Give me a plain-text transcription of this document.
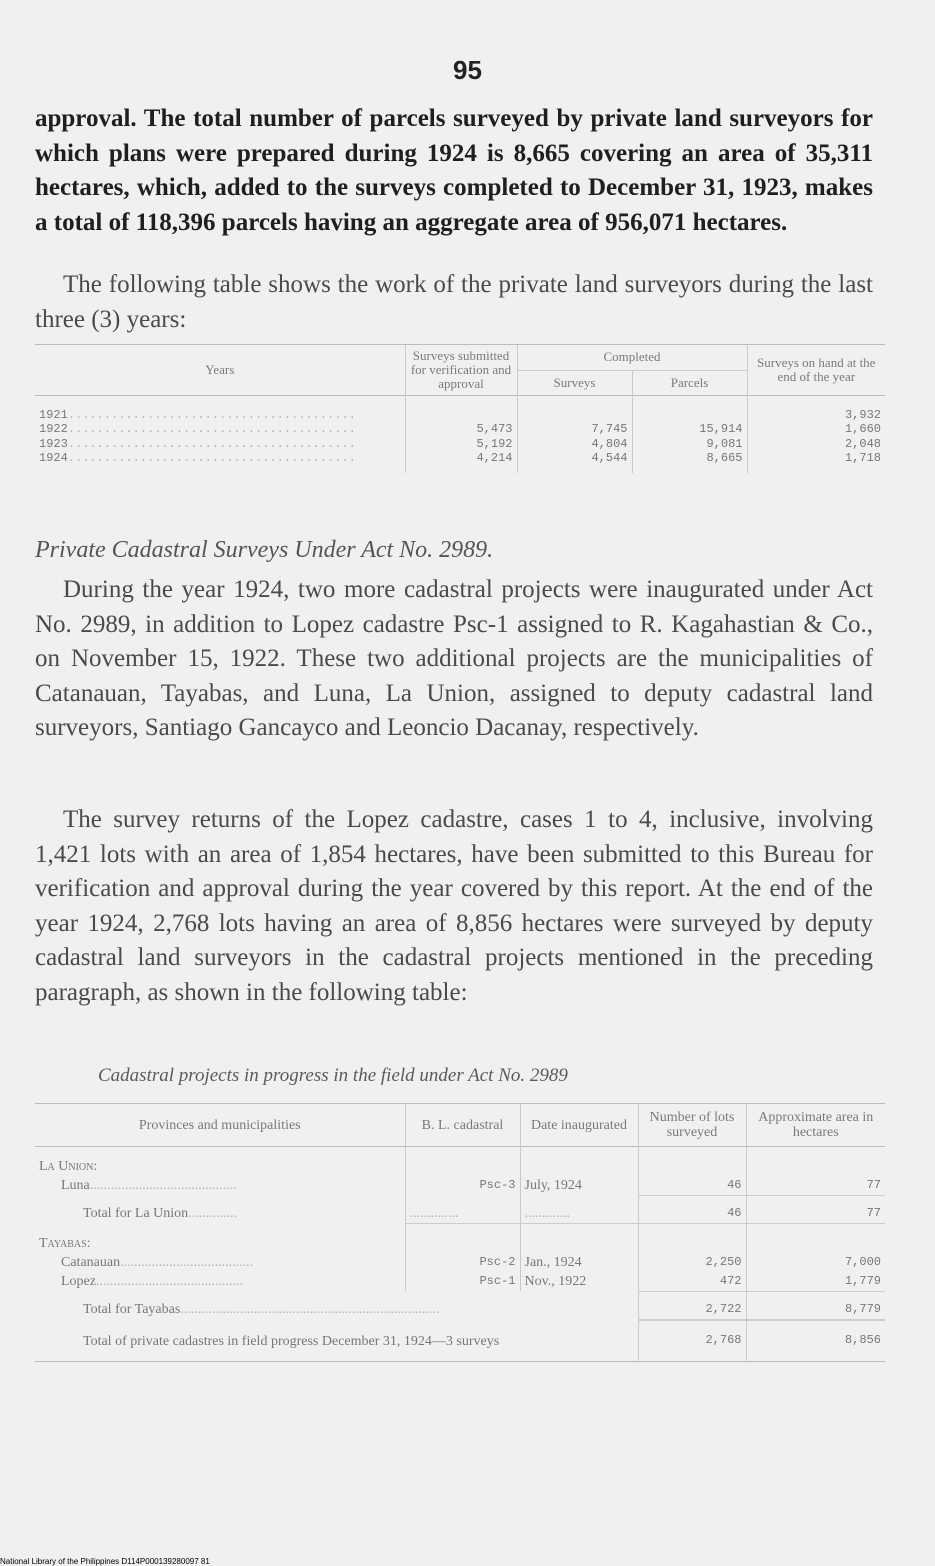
95

approval. The total number of parcels surveyed by private land surveyors for which plans were prepared during 1924 is 8,665 covering an area of 35,311 hectares, which, added to the surveys completed to December 31, 1923, makes a total of 118,396 parcels having an aggregate area of 956,071 hectares.

The following table shows the work of the private land surveyors during the last three (3) years:

Years	Surveys submitted for verification and approval	Completed		Surveys on hand at the end of the year
		Surveys	Parcels	
1921........................................				3,932
1922........................................	5,473	7,745	15,914	1,660
1923........................................	5,192	4,804	9,081	2,048
1924........................................	4,214	4,544	8,665	1,718
Private Cadastral Surveys Under Act No. 2989.

During the year 1924, two more cadastral projects were inaugurated under Act No. 2989, in addition to Lopez cadastre Psc-1 assigned to R. Kagahastian & Co., on November 15, 1922. These two additional projects are the municipalities of Catanauan, Tayabas, and Luna, La Union, assigned to deputy cadastral land surveyors, Santiago Gancayco and Leoncio Dacanay, respectively.

The survey returns of the Lopez cadastre, cases 1 to 4, inclusive, involving 1,421 lots with an area of 1,854 hectares, have been submitted to this Bureau for verification and approval during the year covered by this report. At the end of the year 1924, 2,768 lots having an area of 8,856 hectares were surveyed by deputy cadastral land surveyors in the cadastral projects mentioned in the preceding paragraph, as shown in the following table:

Cadastral projects in progress in the field under Act No. 2989
Provinces and municipalities	B. L. cadastral	Date inaugurated	Number of lots surveyed	Approximate area in hectares
La Union:				
Luna..........................................	Psc-3	July, 1924	46	77
Total for La Union..............	..............	.............	46	77
Tayabas:				
Catanauan......................................	Psc-2	Jan., 1924	2,250	7,000
Lopez..........................................	Psc-1	Nov., 1922	472	1,779
Total for Tayabas..........................................................................			2,722	8,779
Total of private cadastres in field progress December 31, 1924—3 surveys			2,768	8,856
National Library of the Philippines D114P000139280097 81
